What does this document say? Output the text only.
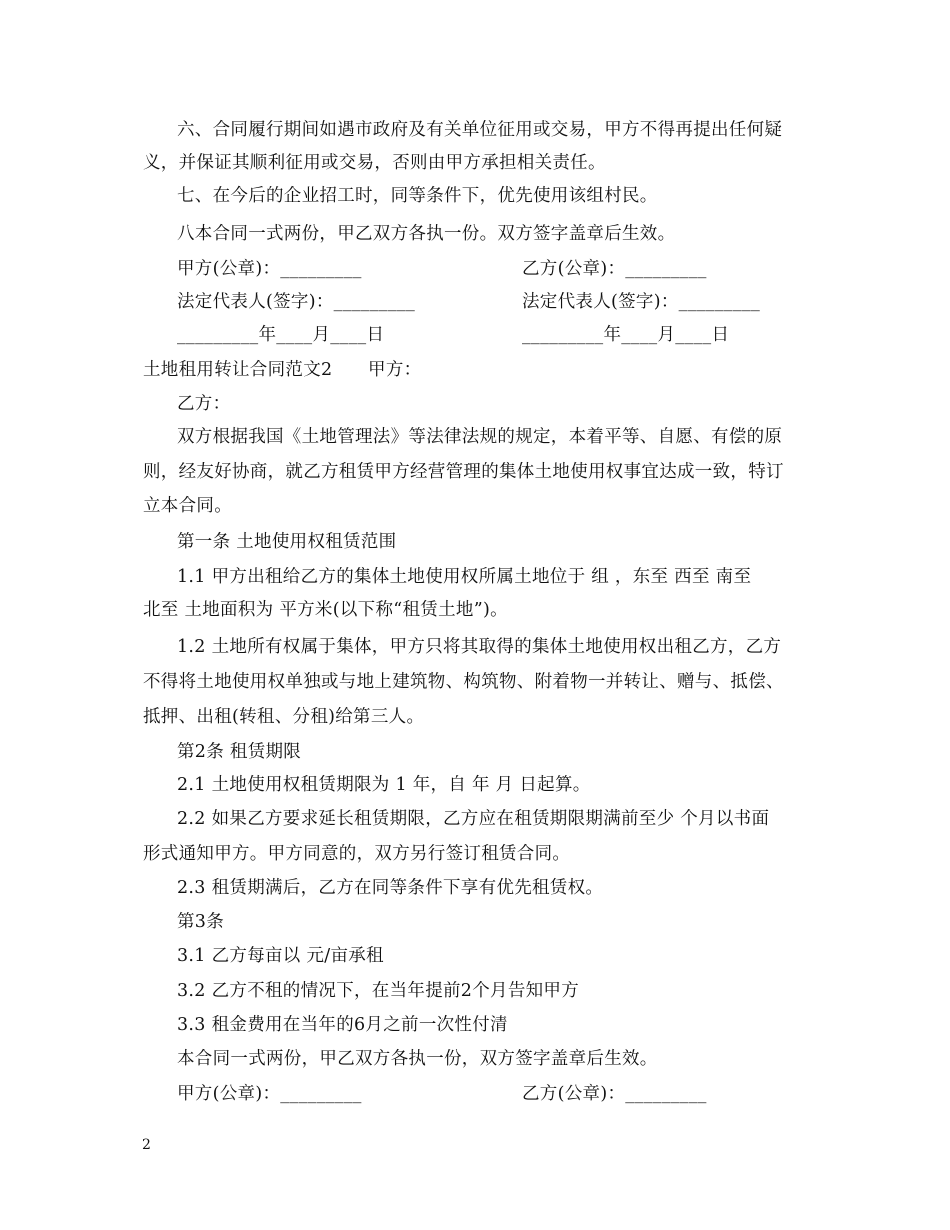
六、合同履行期间如遇市政府及有关单位征用或交易，甲方不得再提出任何疑
义，并保证其顺利征用或交易，否则由甲方承担相关责任。
七、在今后的企业招工时，同等条件下，优先使用该组村民。
八本合同一式两份，甲乙双方各执一份。双方签字盖章后生效。
甲方(公章)：_________	乙方(公章)：_________
法定代表人(签字)：_________	法定代表人(签字)：_________
_________年____月____日	_________年____月____日
土地租用转让合同范文2　　甲方：
乙方：
双方根据我国《土地管理法》等法律法规的规定，本着平等、自愿、有偿的原
则，经友好协商，就乙方租赁甲方经营管理的集体土地使用权事宜达成一致，特订
立本合同。
第一条 土地使用权租赁范围
1.1 甲方出租给乙方的集体土地使用权所属土地位于 组 ，东至 西至 南至
北至 土地面积为 平方米(以下称“租赁土地”)。
1.2 土地所有权属于集体，甲方只将其取得的集体土地使用权出租乙方，乙方
不得将土地使用权单独或与地上建筑物、构筑物、附着物一并转让、赠与、抵偿、
抵押、出租(转租、分租)给第三人。
第2条 租赁期限
2.1 土地使用权租赁期限为 1 年，自 年 月 日起算。
2.2 如果乙方要求延长租赁期限，乙方应在租赁期限期满前至少 个月以书面
形式通知甲方。甲方同意的，双方另行签订租赁合同。
2.3 租赁期满后，乙方在同等条件下享有优先租赁权。
第3条
3.1 乙方每亩以 元/亩承租
3.2 乙方不租的情况下，在当年提前2个月告知甲方
3.3 租金费用在当年的6月之前一次性付清
本合同一式两份，甲乙双方各执一份，双方签字盖章后生效。
甲方(公章)：_________	乙方(公章)：_________
2
